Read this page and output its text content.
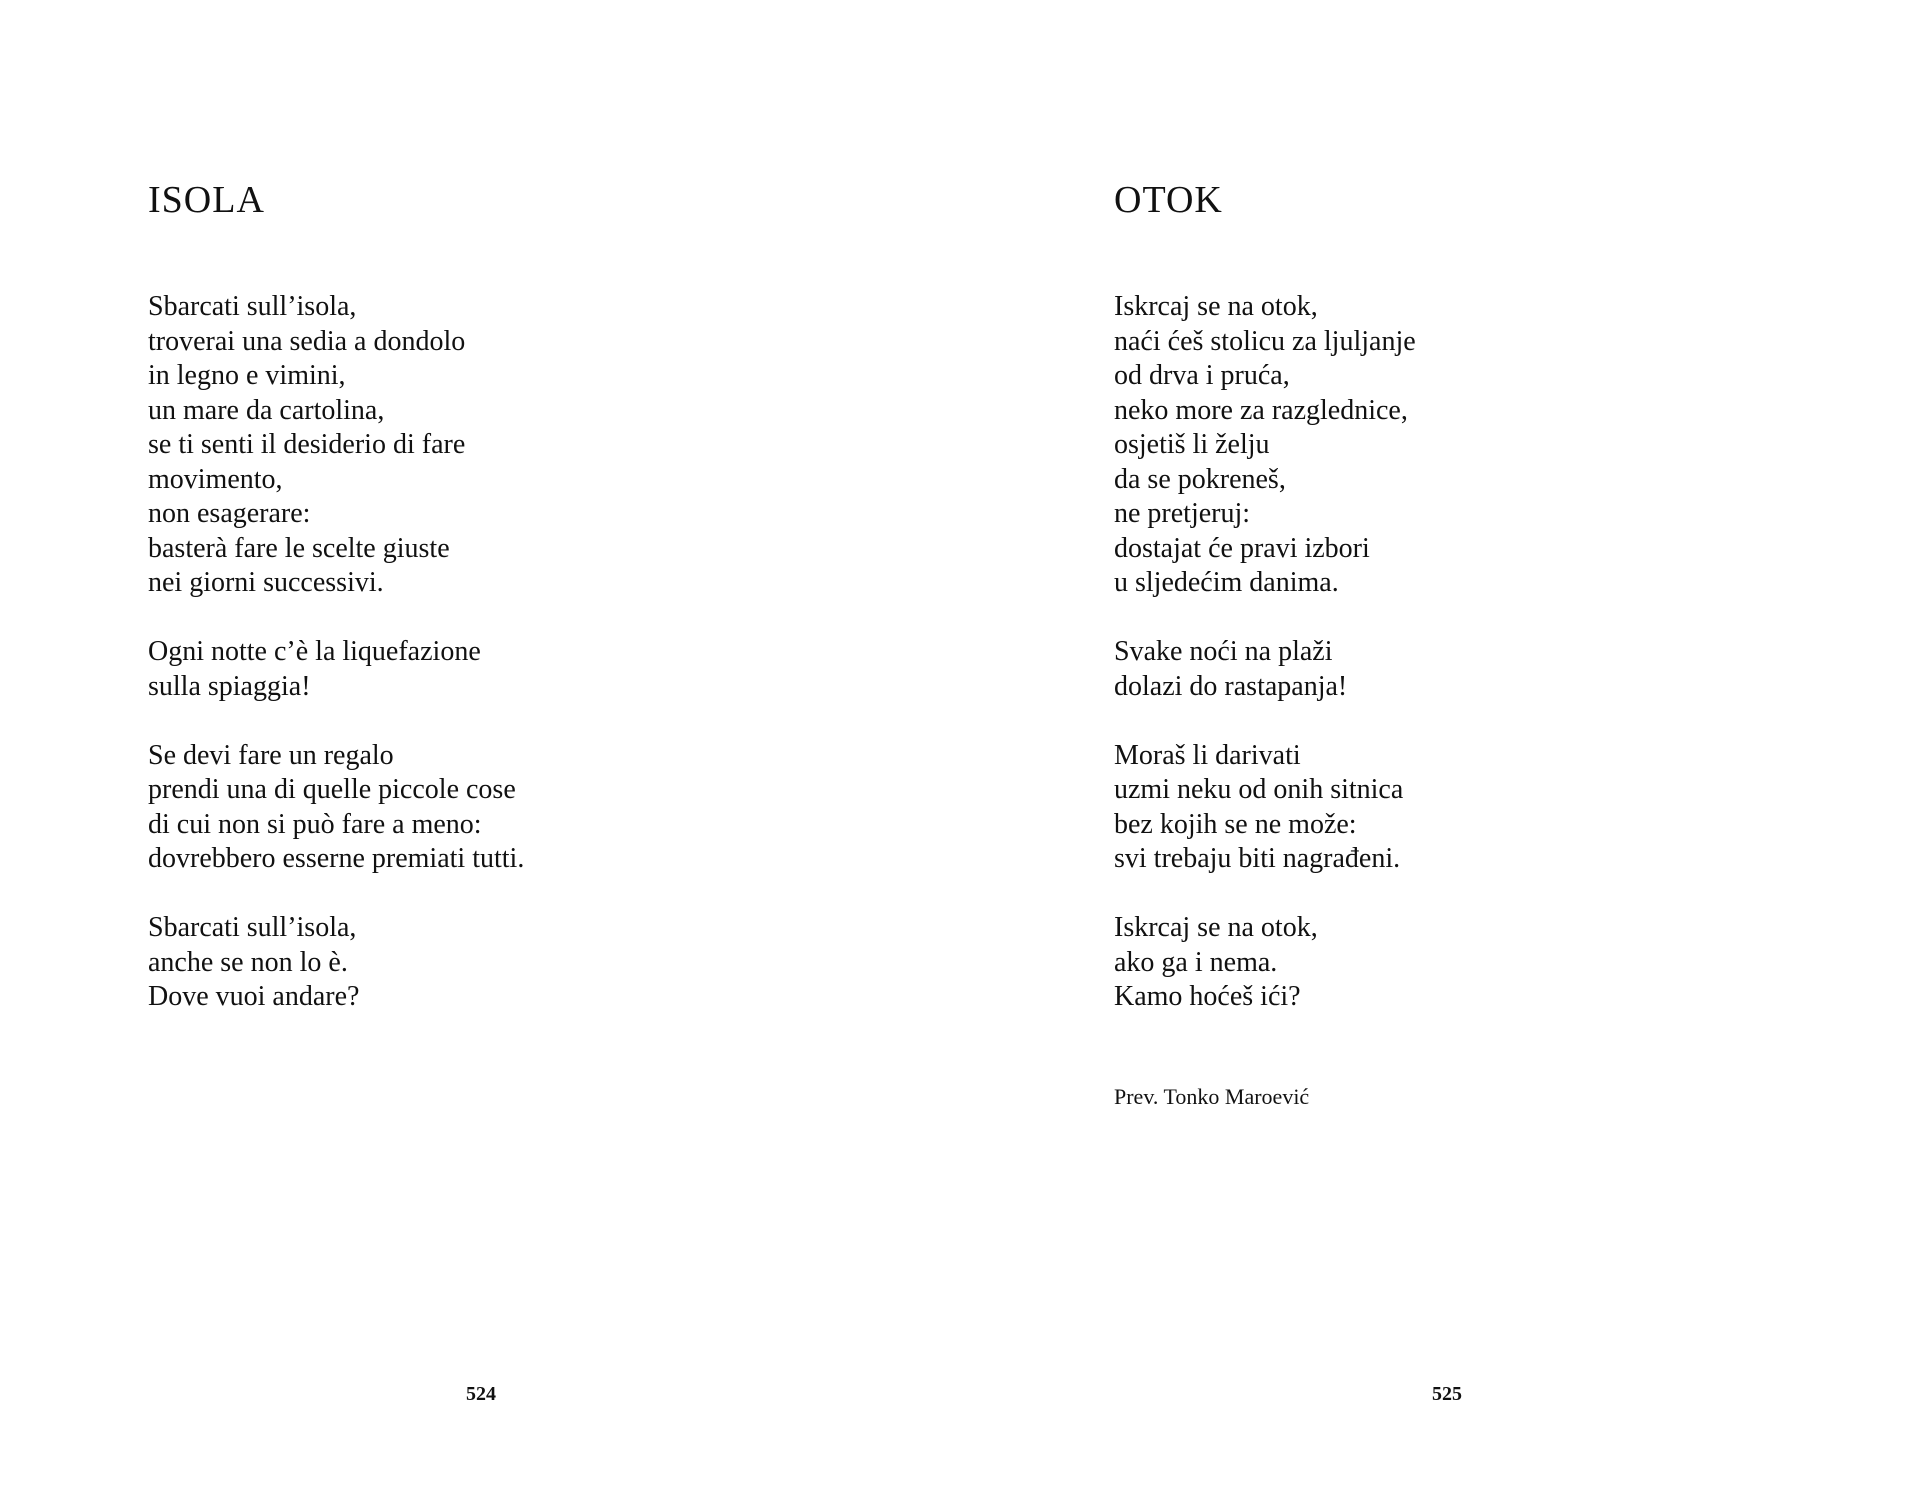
ISOLA
Sbarcati sull’isola,
troverai una sedia a dondolo
in legno e vimini,
un mare da cartolina,
se ti senti il desiderio di fare
movimento,
non esagerare:
basterà fare le scelte giuste
nei giorni successivi.
Ogni notte c’è la liquefazione
sulla spiaggia!
Se devi fare un regalo
prendi una di quelle piccole cose
di cui non si può fare a meno:
dovrebbero esserne premiati tutti.
Sbarcati sull’isola,
anche se non lo è.
Dove vuoi andare?
524
OTOK
Iskrcaj se na otok,
naći ćeš stolicu za ljuljanje
od drva i pruća,
neko more za razglednice,
osjetiš li želju
da se pokreneš,
ne pretjeruj:
dostajat će pravi izbori
u sljedećim danima.
Svake noći na plaži
dolazi do rastapanja!
Moraš li darivati
uzmi neku od onih sitnica
bez kojih se ne može:
svi trebaju biti nagrađeni.
Iskrcaj se na otok,
ako ga i nema.
Kamo hoćeš ići?
Prev. Tonko Maroević
525
